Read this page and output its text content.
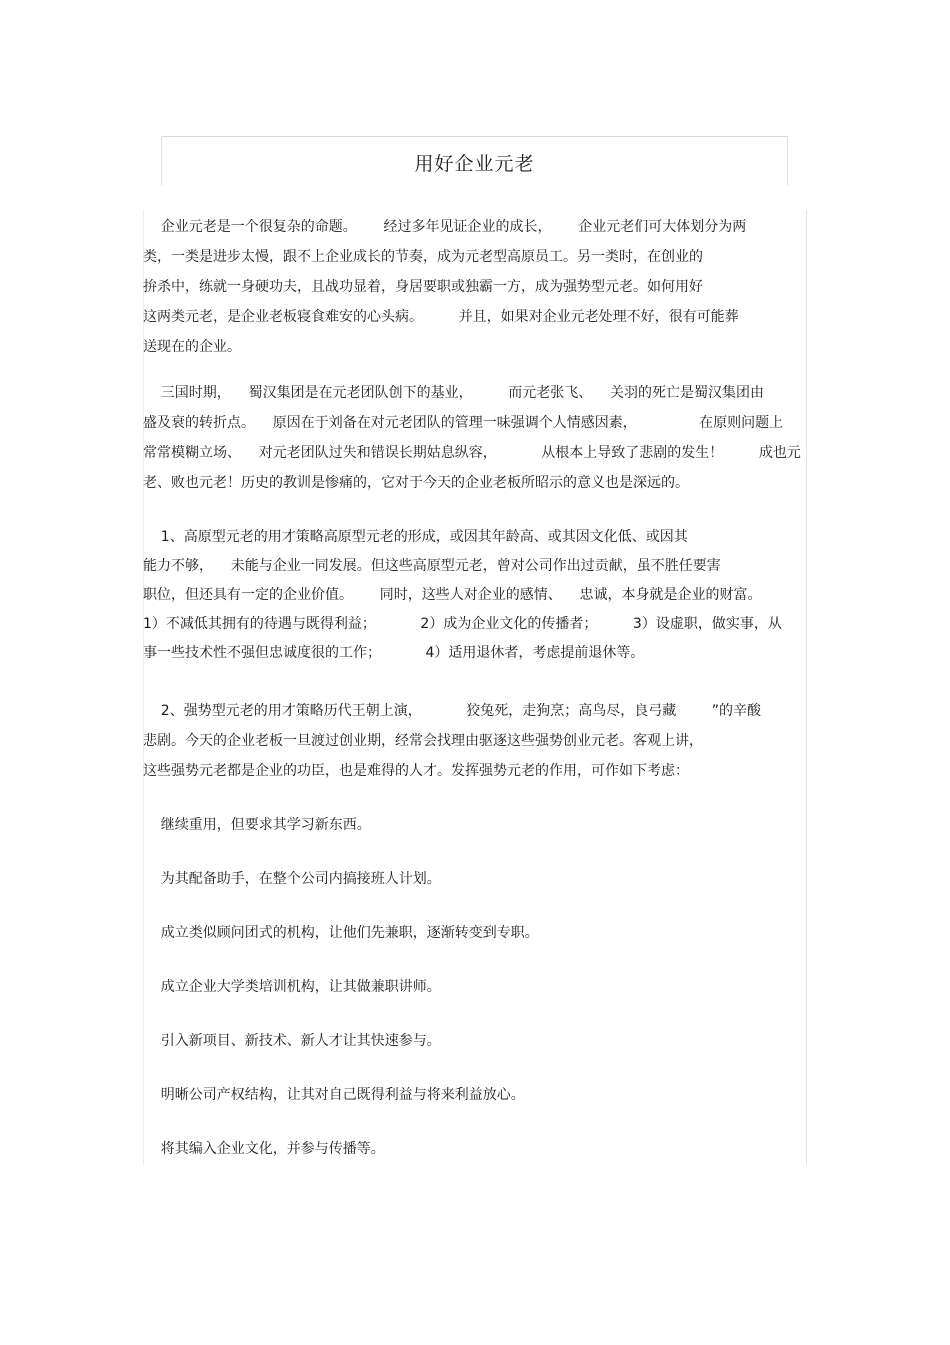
用好企业元老
企业元老是一个很复杂的命题。      经过多年见证企业的成长，      企业元老们可大体划分为两
类，一类是进步太慢，跟不上企业成长的节奏，成为元老型高原员工。另一类时，在创业的
拚杀中，练就一身硬功夫，且战功显着，身居要职或独霸一方，成为强势型元老。如何用好
这两类元老，是企业老板寝食难安的心头病。        并且，如果对企业元老处理不好，很有可能葬
送现在的企业。
三国时期，    蜀汉集团是在元老团队创下的基业，        而元老张飞、    关羽的死亡是蜀汉集团由
盛及衰的转折点。    原因在于刘备在对元老团队的管理一味强调个人情感因素，              在原则问题上
常常模糊立场、    对元老团队过失和错误长期姑息纵容，          从根本上导致了悲剧的发生！        成也元
老、败也元老！历史的教训是惨痛的，它对于今天的企业老板所昭示的意义也是深远的。
1、高原型元老的用才策略高原型元老的形成，或因其年龄高、或其因文化低、或因其
能力不够，    未能与企业一同发展。但这些高原型元老，曾对公司作出过贡献，虽不胜任要害
职位，但还具有一定的企业价值。      同时，这些人对企业的感情、    忠诚，本身就是企业的财富。
1）不减低其拥有的待遇与既得利益；          2）成为企业文化的传播者；        3）设虚职，做实事，从
事一些技术性不强但忠诚度很的工作；          4）适用退休者，考虑提前退休等。
2、强势型元老的用才策略历代王朝上演，          狡兔死，走狗烹；高鸟尽，良弓藏        ”的辛酸
悲剧。今天的企业老板一旦渡过创业期，经常会找理由驱逐这些强势创业元老。客观上讲，
这些强势元老都是企业的功臣，也是难得的人才。发挥强势元老的作用，可作如下考虑：
继续重用，但要求其学习新东西。
为其配备助手，在整个公司内搞接班人计划。
成立类似顾问团式的机构，让他们先兼职，逐渐转变到专职。
成立企业大学类培训机构，让其做兼职讲师。
引入新项目、新技术、新人才让其快速参与。
明晰公司产权结构，让其对自己既得利益与将来利益放心。
将其编入企业文化，并参与传播等。
